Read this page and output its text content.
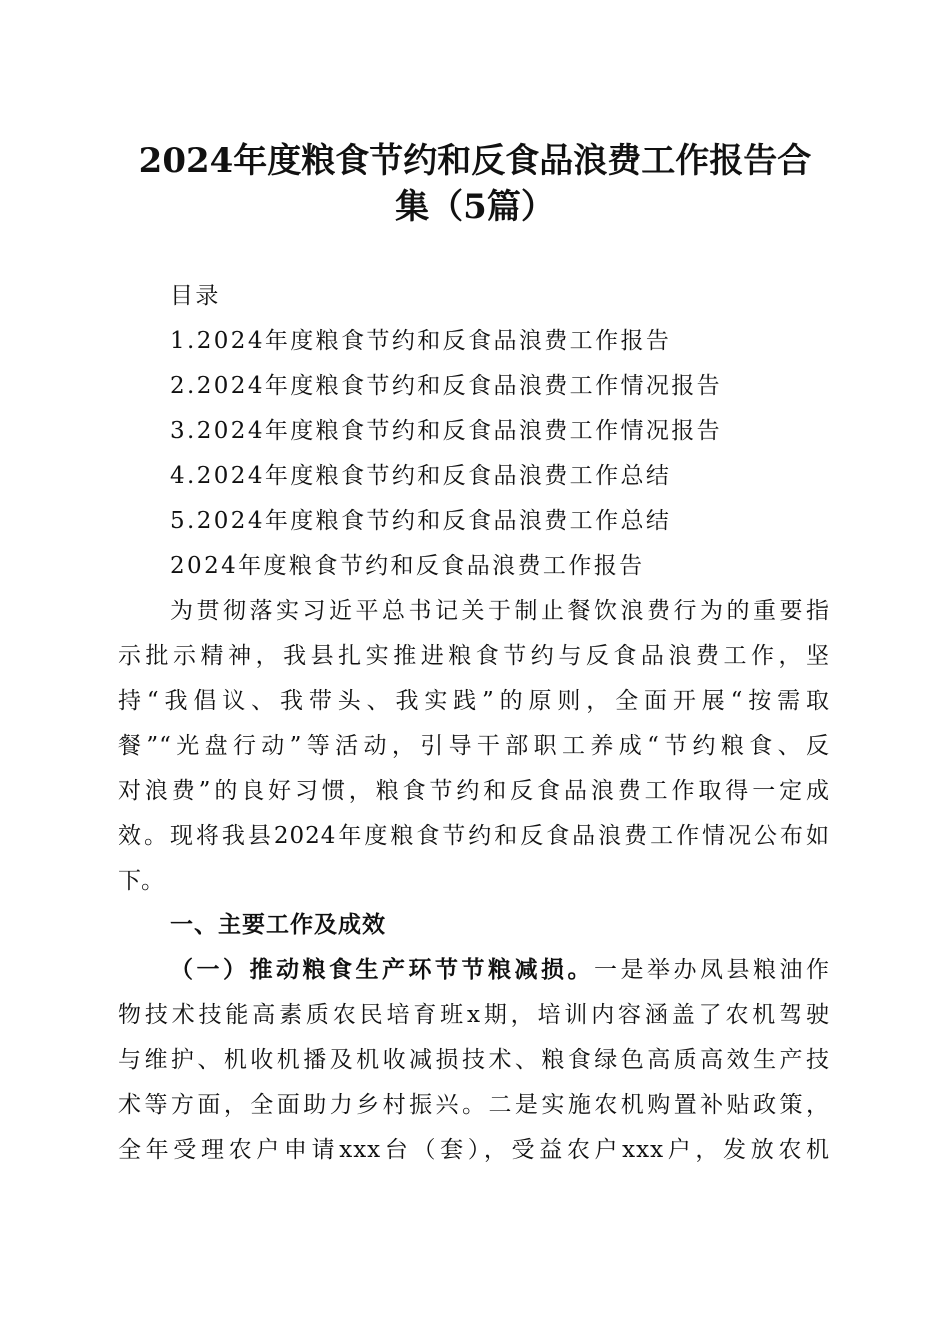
2024年度粮食节约和反食品浪费工作报告合
集（5篇）
目录
1.2024年度粮食节约和反食品浪费工作报告
2.2024年度粮食节约和反食品浪费工作情况报告
3.2024年度粮食节约和反食品浪费工作情况报告
4.2024年度粮食节约和反食品浪费工作总结
5.2024年度粮食节约和反食品浪费工作总结
2024年度粮食节约和反食品浪费工作报告
为贯彻落实习近平总书记关于制止餐饮浪费行为的重要指
示批示精神，我县扎实推进粮食节约与反食品浪费工作，坚
持“我倡议、我带头、我实践”的原则，全面开展“按需取
餐”“光盘行动”等活动，引导干部职工养成“节约粮食、反
对浪费”的良好习惯，粮食节约和反食品浪费工作取得一定成
效。现将我县2024年度粮食节约和反食品浪费工作情况公布如
下。
一、主要工作及成效
（一）推动粮食生产环节节粮减损。一是举办凤县粮油作
物技术技能高素质农民培育班x期，培训内容涵盖了农机驾驶
与维护、机收机播及机收减损技术、粮食绿色高质高效生产技
术等方面，全面助力乡村振兴。二是实施农机购置补贴政策，
全年受理农户申请xxx台（套），受益农户xxx户，发放农机
